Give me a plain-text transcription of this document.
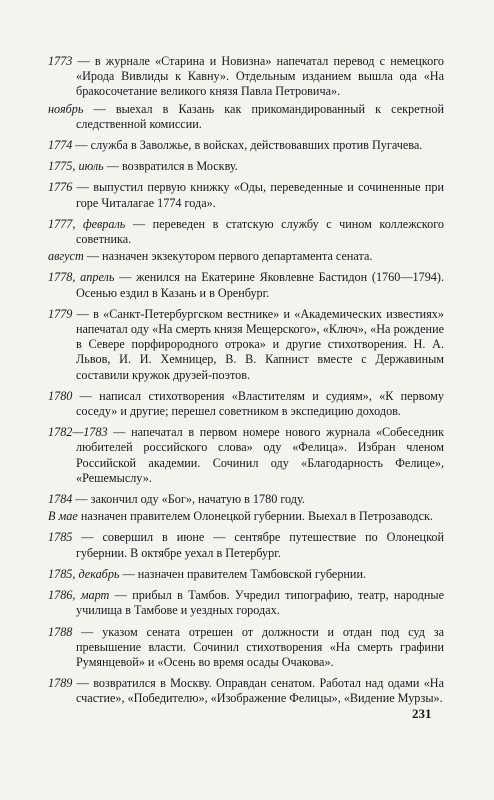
1773 — в журнале «Старина и Новизна» напечатал перевод с немецкого «Ирода Вивлиды к Кавну». Отдельным изданием вышла ода «На бракосочетание великого князя Павла Петровича».

ноябрь — выехал в Казань как прикомандированный к секретной следственной комиссии.

1774 — служба в Заволжье, в войсках, действовавших против Пугачева.

1775, июль — возвратился в Москву.

1776 — выпустил первую книжку «Оды, переведенные и сочиненные при горе Читалагае 1774 года».

1777, февраль — переведен в статскую службу с чином коллежского советника.

август — назначен экзекутором первого департамента сената.

1778, апрель — женился на Екатерине Яковлевне Бастидон (1760—1794). Осенью ездил в Казань и в Оренбург.

1779 — в «Санкт-Петербургском вестнике» и «Академических известиях» напечатал оду «На смерть князя Мещерского», «Ключ», «На рождение в Севере порфирородного отрока» и другие стихотворения. Н. А. Львов, И. И. Хемницер, В. В. Капнист вместе с Державиным составили кружок друзей-поэтов.

1780 — написал стихотворения «Властителям и судиям», «К первому соседу» и другие; перешел советником в экспедицию доходов.

1782—1783 — напечатал в первом номере нового журнала «Собеседник любителей российского слова» оду «Фелица». Избран членом Российской академии. Сочинил оду «Благодарность Фелице», «Решемыслу».

1784 — закончил оду «Бог», начатую в 1780 году.

В мае назначен правителем Олонецкой губернии. Выехал в Петрозаводск.

1785 — совершил в июне — сентябре путешествие по Олонецкой губернии. В октябре уехал в Петербург.

1785, декабрь — назначен правителем Тамбовской губернии.

1786, март — прибыл в Тамбов. Учредил типографию, театр, народные училища в Тамбове и уездных городах.

1788 — указом сената отрешен от должности и отдан под суд за превышение власти. Сочинил стихотворения «На смерть графини Румянцевой» и «Осень во время осады Очакова».

1789 — возвратился в Москву. Оправдан сенатом. Работал над одами «На счастие», «Победителю», «Изображение Фелицы», «Видение Мурзы».

231
